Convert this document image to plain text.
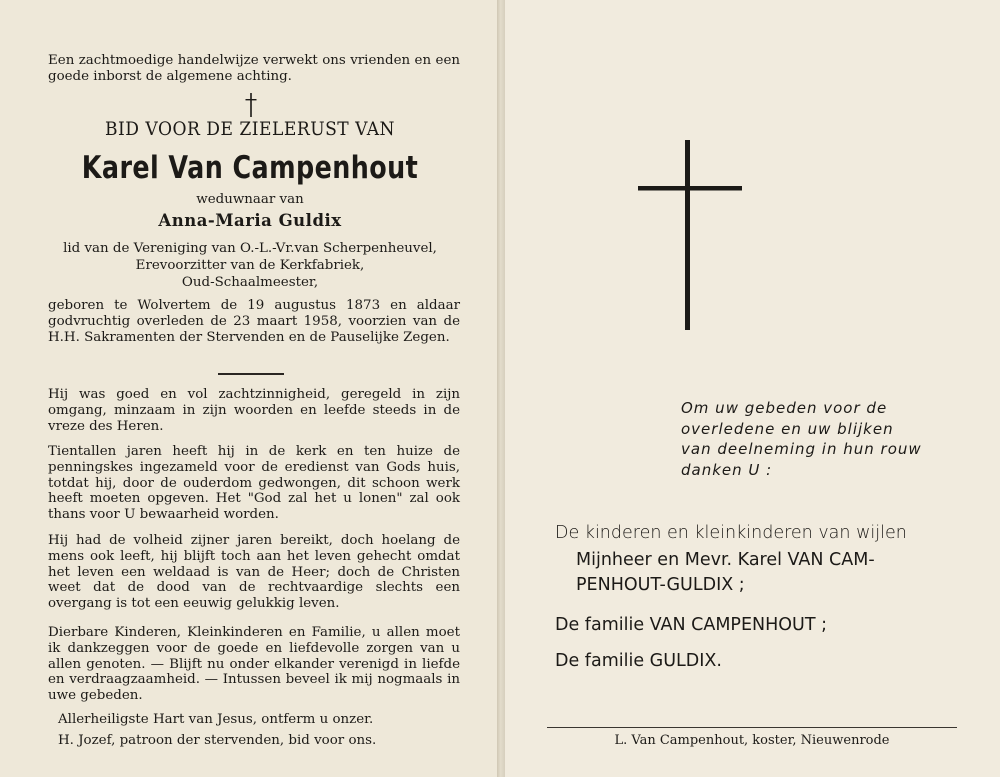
Een zachtmoedige handelwijze verwekt ons vrienden en een goede inborst de algemene achting.

BID VOOR DE ZIELERUST VAN

Karel Van Campenhout

weduwnaar van

Anna-Maria Guldix

lid van de Vereniging van O.-L.-Vr.van Scherpenheuvel,

Erevoorzitter van de Kerkfabriek,

Oud-Schaalmeester,

geboren te Wolvertem de 19 augustus 1873 en aldaar godvruchtig overleden de 23 maart 1958, voorzien van de H.H. Sakramenten der Stervenden en de Pauselijke Zegen.

Hij was goed en vol zachtzinnigheid, geregeld in zijn omgang, minzaam in zijn woorden en leefde steeds in de vreze des Heren.

Tientallen jaren heeft hij in de kerk en ten huize de penningskes ingezameld voor de eredienst van Gods huis, totdat hij, door de ouderdom gedwongen, dit schoon werk heeft moeten opgeven. Het "God zal het u lonen" zal ook thans voor U bewaarheid worden.

Hij had de volheid zijner jaren bereikt, doch hoelang de mens ook leeft, hij blijft toch aan het leven gehecht omdat het leven een weldaad is van de Heer; doch de Christen weet dat de dood van de rechtvaardige slechts een overgang is tot een eeuwig gelukkig leven.

Dierbare Kinderen, Kleinkinderen en Familie, u allen moet ik dankzeggen voor de goede en liefdevolle zorgen van u allen genoten. — Blijft nu onder elkander verenigd in liefde en verdraagzaamheid. — Intussen beveel ik mij nogmaals in uwe gebeden.

Allerheiligste Hart van Jesus, ontferm u onzer.

H. Jozef, patroon der stervenden, bid voor ons.

Om uw gebeden voor de
overledene en uw blijken
van deelneming in hun rouw
danken U :

De kinderen en kleinkinderen van wijlen

Mijnheer en Mevr. Karel VAN CAM-

PENHOUT-GULDIX ;

De familie VAN CAMPENHOUT ;

De familie GULDIX.

L. Van Campenhout, koster, Nieuwenrode
